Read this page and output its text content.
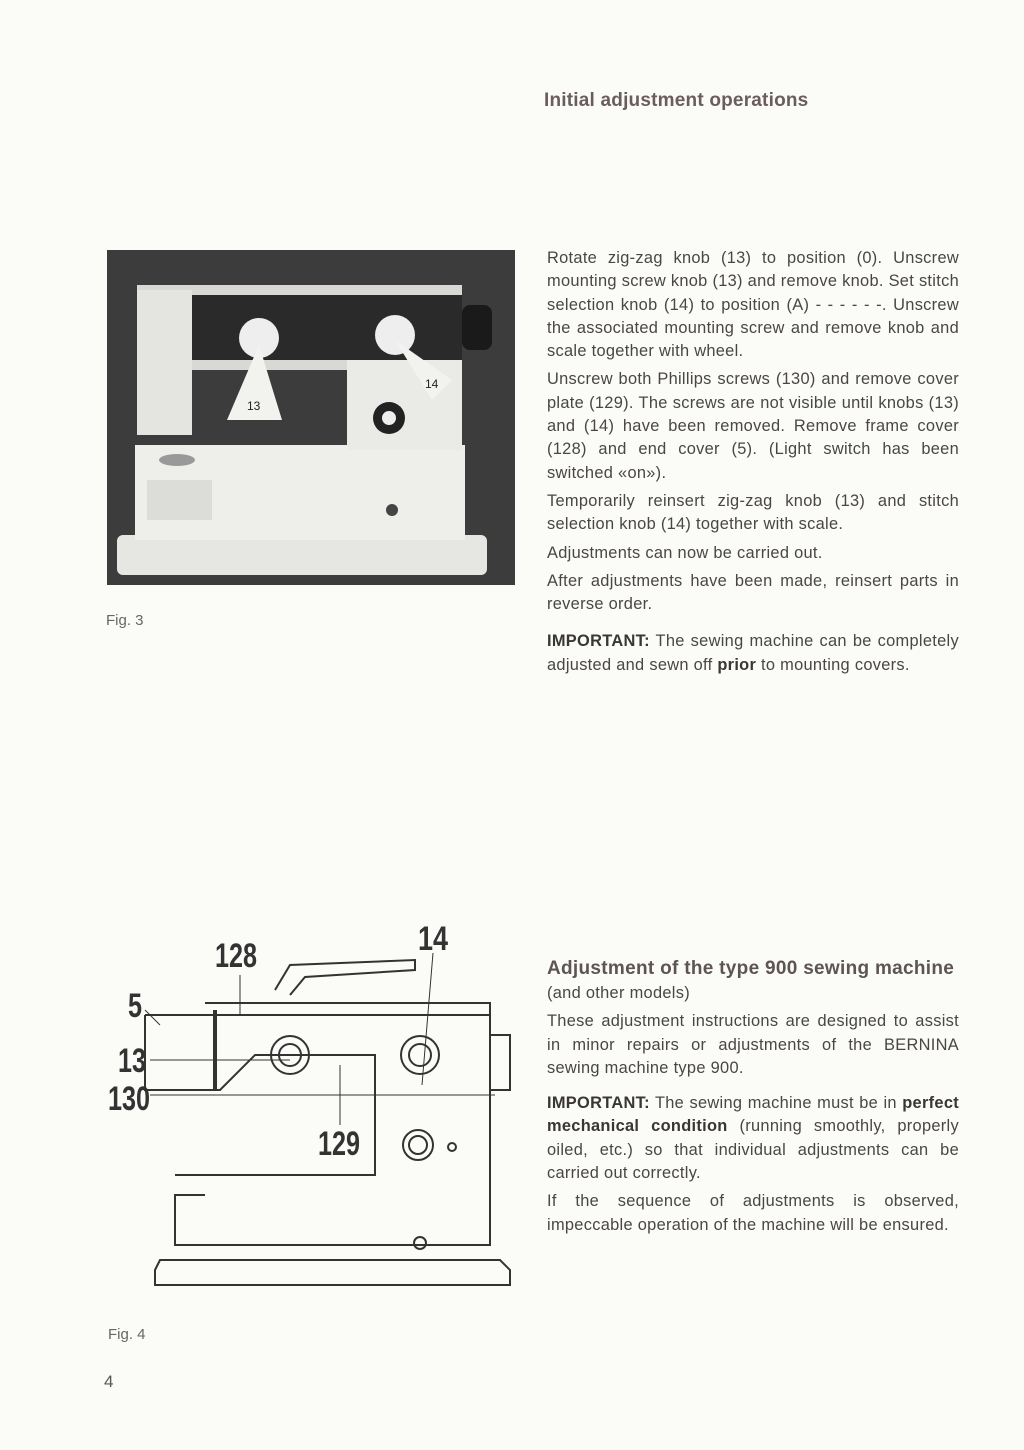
Initial adjustment operations
13
14
Fig. 3

Rotate zig-zag knob (13) to position (0). Unscrew mounting screw knob (13) and remove knob. Set stitch selection knob (14) to position (A) - - - - - -. Unscrew the associated mounting screw and remove knob and scale together with wheel.

Unscrew both Phillips screws (130) and remove cover plate (129). The screws are not visible until knobs (13) and (14) have been removed. Remove frame cover (128) and end cover (5). (Light switch has been switched «on»).

Temporarily reinsert zig-zag knob (13) and stitch selection knob (14) together with scale.

Adjustments can now be carried out.

After adjustments have been made, reinsert parts in reverse order.

IMPORTANT: The sewing machine can be completely adjusted and sewn off prior to mounting covers.

128	14
5
13
130
129
Fig. 4
Adjustment of the type 900 sewing machine

(and other models)

These adjustment instructions are designed to assist in minor repairs or adjustments of the BERNINA sewing machine type 900.

IMPORTANT: The sewing machine must be in perfect mechanical condition (running smoothly, properly oiled, etc.) so that individual adjustments can be carried out correctly.

If the sequence of adjustments is observed, impeccable operation of the machine will be ensured.

4
